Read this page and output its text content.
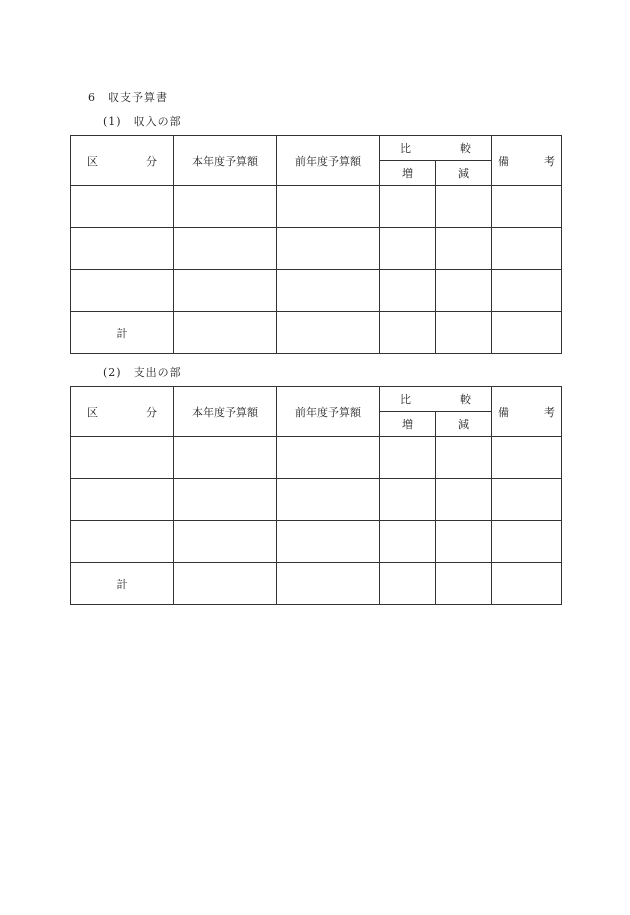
6　収支予算書
(1)　収入の部
区 分	本年度予算額	前年度予算額	比 較		備 考

			増	減	

計					

(2)　支出の部
区 分	本年度予算額	前年度予算額	比 較		備 考

			増	減	

計					
